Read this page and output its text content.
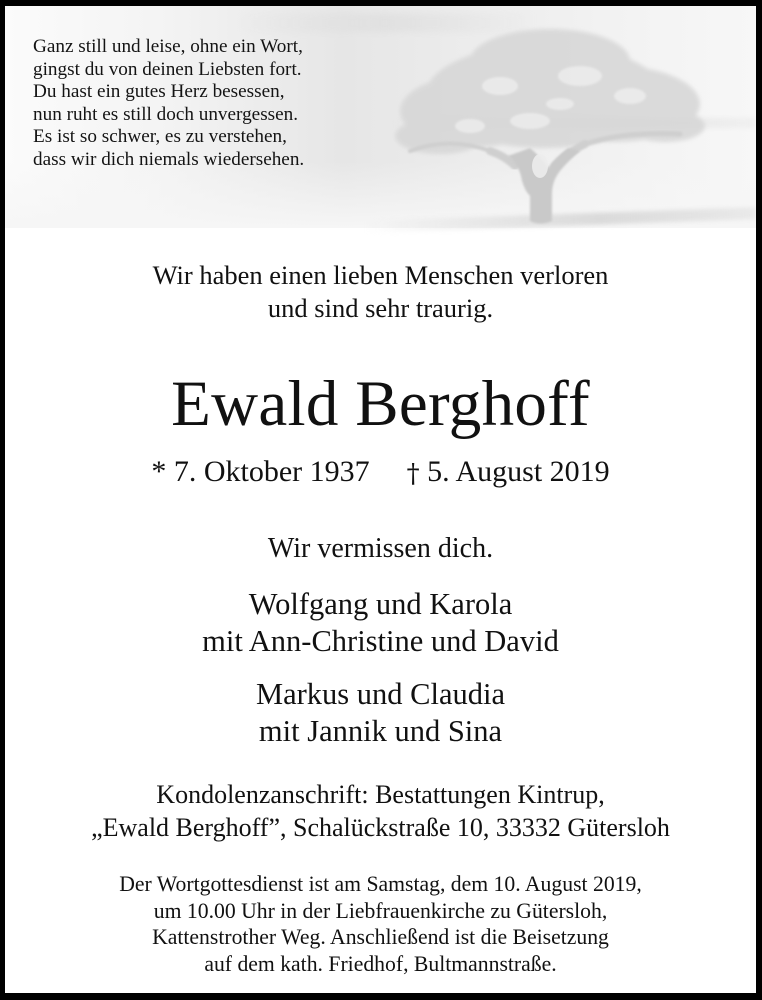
Ganz still und leise, ohne ein Wort,
gingst du von deinen Liebsten fort.
Du hast ein gutes Herz besessen,
nun ruht es still doch unvergessen.
Es ist so schwer, es zu verstehen,
dass wir dich niemals wiedersehen.
Wir haben einen lieben Menschen verloren
und sind sehr traurig.
Ewald Berghoff
* 7. Oktober 1937 † 5. August 2019
Wir vermissen dich.
Wolfgang und Karola
mit Ann-Christine und David
Markus und Claudia
mit Jannik und Sina
Kondolenzanschrift: Bestattungen Kintrup,
„Ewald Berghoff”, Schalückstraße 10, 33332 Gütersloh
Der Wortgottesdienst ist am Samstag, dem 10. August 2019,
um 10.00 Uhr in der Liebfrauenkirche zu Gütersloh,
Kattenstrother Weg. Anschließend ist die Beisetzung
auf dem kath. Friedhof, Bultmannstraße.
